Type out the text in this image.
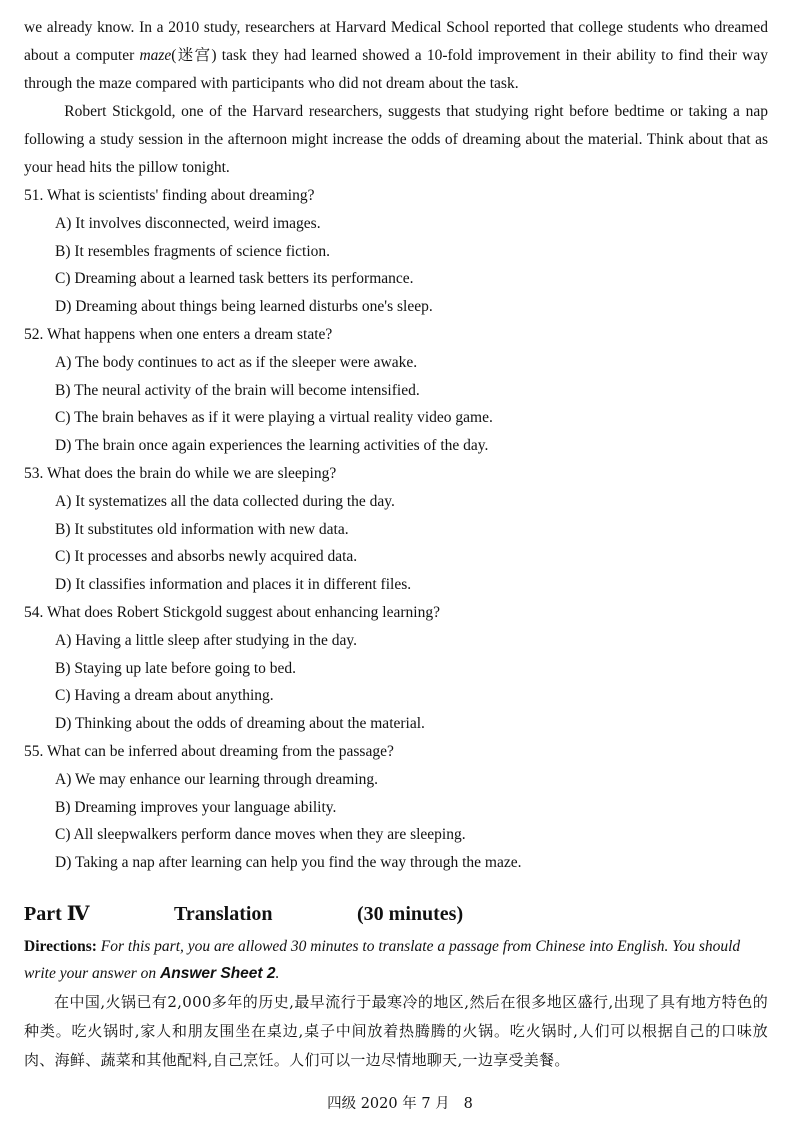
we already know. In a 2010 study, researchers at Harvard Medical School reported that college students who dreamed about a computer maze(迷宫) task they had learned showed a 10-fold improvement in their ability to find their way through the maze compared with participants who did not dream about the task.

Robert Stickgold, one of the Harvard researchers, suggests that studying right before bedtime or taking a nap following a study session in the afternoon might increase the odds of dreaming about the material. Think about that as your head hits the pillow tonight.

51. What is scientists' finding about dreaming?

A) It involves disconnected, weird images.

B) It resembles fragments of science fiction.

C) Dreaming about a learned task betters its performance.

D) Dreaming about things being learned disturbs one's sleep.

52. What happens when one enters a dream state?

A) The body continues to act as if the sleeper were awake.

B) The neural activity of the brain will become intensified.

C) The brain behaves as if it were playing a virtual reality video game.

D) The brain once again experiences the learning activities of the day.

53. What does the brain do while we are sleeping?

A) It systematizes all the data collected during the day.

B) It substitutes old information with new data.

C) It processes and absorbs newly acquired data.

D) It classifies information and places it in different files.

54. What does Robert Stickgold suggest about enhancing learning?

A) Having a little sleep after studying in the day.

B) Staying up late before going to bed.

C) Having a dream about anything.

D) Thinking about the odds of dreaming about the material.

55. What can be inferred about dreaming from the passage?

A) We may enhance our learning through dreaming.

B) Dreaming improves your language ability.

C) All sleepwalkers perform dance moves when they are sleeping.

D) Taking a nap after learning can help you find the way through the maze.

Part Ⅳ	Translation	(30 minutes)

Directions: For this part, you are allowed 30 minutes to translate a passage from Chinese into English. You should write your answer on Answer Sheet 2.

在中国,火锅已有2,000多年的历史,最早流行于最寒冷的地区,然后在很多地区盛行,出现了具有地方特色的种类。吃火锅时,家人和朋友围坐在桌边,桌子中间放着热腾腾的火锅。吃火锅时,人们可以根据自己的口味放肉、海鲜、蔬菜和其他配料,自己烹饪。人们可以一边尽情地聊天,一边享受美餐。

四级 2020 年 7 月 8
